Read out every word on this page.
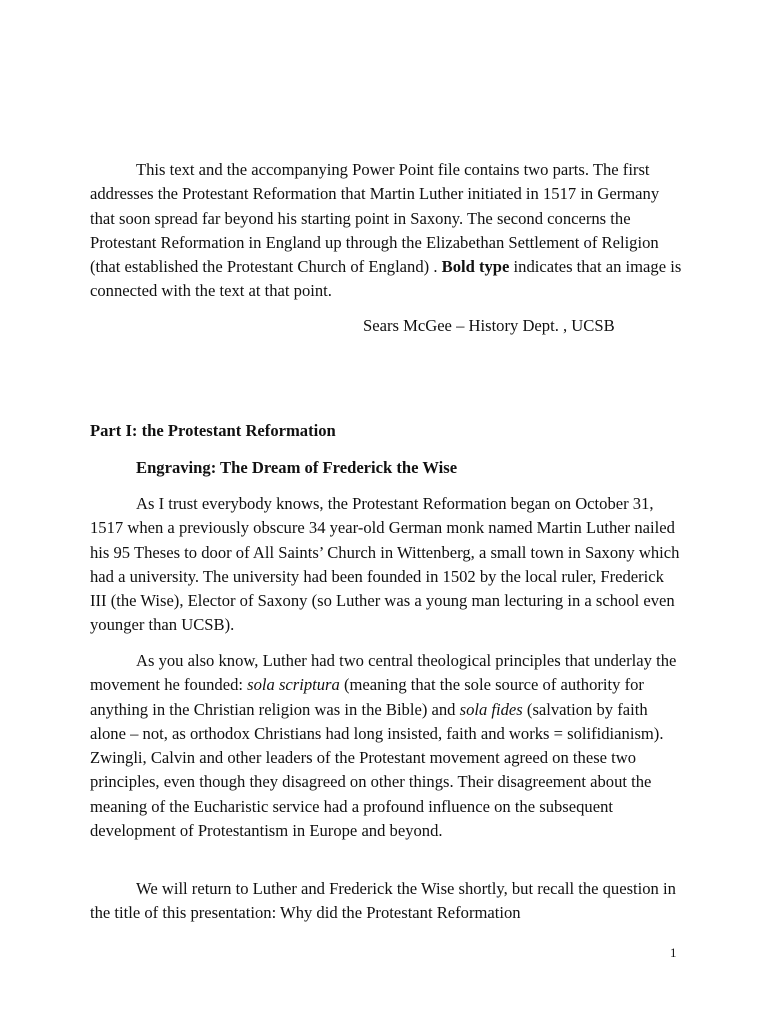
This text and the accompanying Power Point file contains two parts. The first addresses the Protestant Reformation that Martin Luther initiated in 1517 in Germany that soon spread far beyond his starting point in Saxony. The second concerns the Protestant Reformation in England up through the Elizabethan Settlement of Religion (that established the Protestant Church of England) . Bold type indicates that an image is connected with the text at that point.

Sears McGee – History Dept. , UCSB
Part I: the Protestant Reformation
Engraving: The Dream of Frederick the Wise

As I trust everybody knows, the Protestant Reformation began on October 31, 1517 when a previously obscure 34 year-old German monk named Martin Luther nailed his 95 Theses to door of All Saints’ Church in Wittenberg, a small town in Saxony which had a university. The university had been founded in 1502 by the local ruler, Frederick III (the Wise), Elector of Saxony (so Luther was a young man lecturing in a school even younger than UCSB).

As you also know, Luther had two central theological principles that underlay the movement he founded: sola scriptura (meaning that the sole source of authority for anything in the Christian religion was in the Bible) and sola fides (salvation by faith alone – not, as orthodox Christians had long insisted, faith and works = solifidianism). Zwingli, Calvin and other leaders of the Protestant movement agreed on these two principles, even though they disagreed on other things. Their disagreement about the meaning of the Eucharistic service had a profound influence on the subsequent development of Protestantism in Europe and beyond.

We will return to Luther and Frederick the Wise shortly, but recall the question in the title of this presentation: Why did the Protestant Reformation

1
